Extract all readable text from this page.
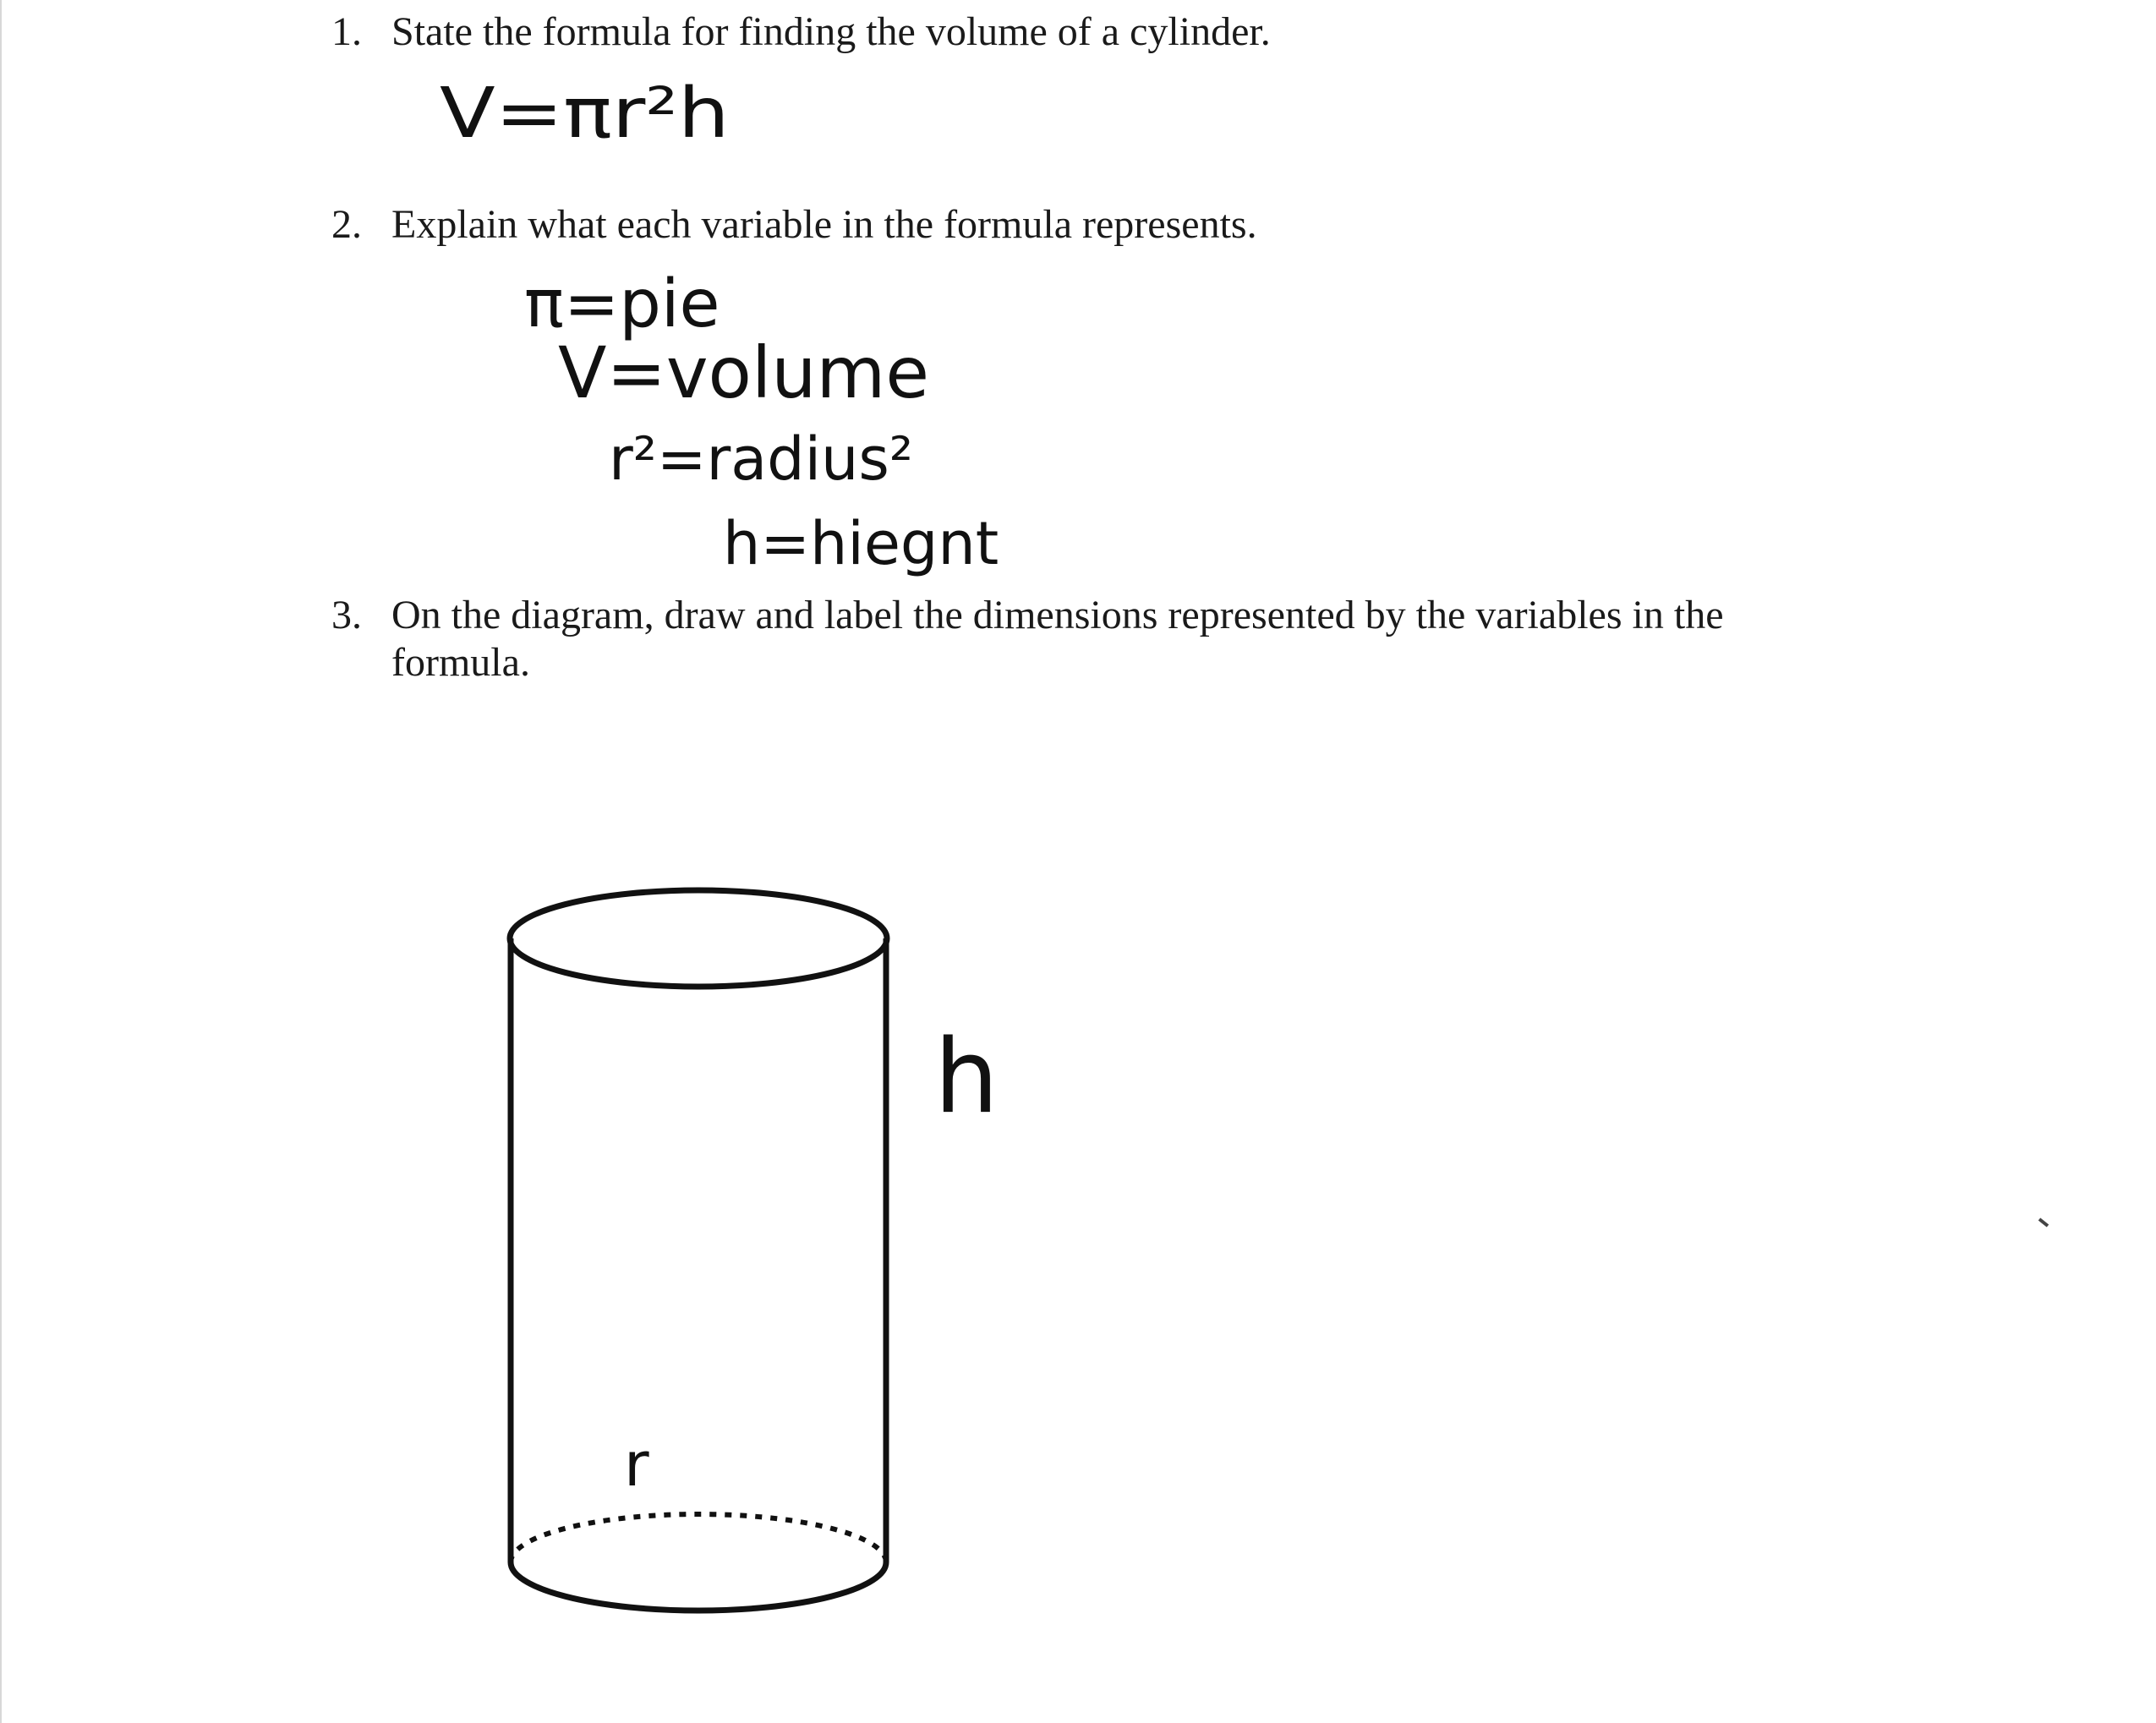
1. State the formula for finding the volume of a cylinder.
V=πr²h
2. Explain what each variable in the formula represents.
π=pie
V=volume
r²=radius²
h=hiegnt
3. On the diagram, draw and label the dimensions represented by the variables in the
formula.
h
r
